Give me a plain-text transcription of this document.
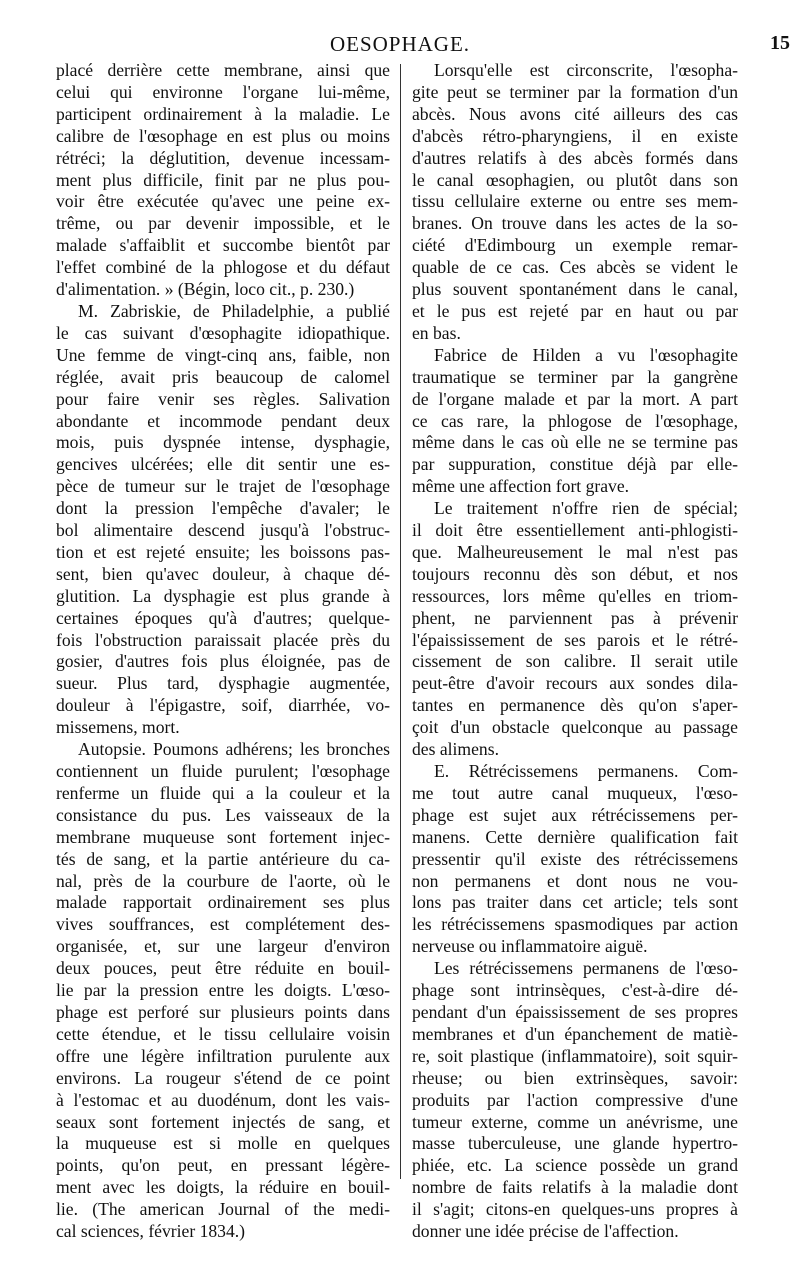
OESOPHAGE.	15
placé derrière cette membrane, ainsi que
celui qui environne l'organe lui-même,
participent ordinairement à la maladie. Le
calibre de l'œsophage en est plus ou moins
rétréci; la déglutition, devenue incessam-
ment plus difficile, finit par ne plus pou-
voir être exécutée qu'avec une peine ex-
trême, ou par devenir impossible, et le
malade s'affaiblit et succombe bientôt par
l'effet combiné de la phlogose et du défaut
d'alimentation. » (Bégin, loco cit., p. 230.)
M. Zabriskie, de Philadelphie, a publié
le cas suivant d'œsophagite idiopathique.
Une femme de vingt-cinq ans, faible, non
réglée, avait pris beaucoup de calomel
pour faire venir ses règles. Salivation
abondante et incommode pendant deux
mois, puis dyspnée intense, dysphagie,
gencives ulcérées; elle dit sentir une es-
pèce de tumeur sur le trajet de l'œsophage
dont la pression l'empêche d'avaler; le
bol alimentaire descend jusqu'à l'obstruc-
tion et est rejeté ensuite; les boissons pas-
sent, bien qu'avec douleur, à chaque dé-
glutition. La dysphagie est plus grande à
certaines époques qu'à d'autres; quelque-
fois l'obstruction paraissait placée près du
gosier, d'autres fois plus éloignée, pas de
sueur. Plus tard, dysphagie augmentée,
douleur à l'épigastre, soif, diarrhée, vo-
missemens, mort.
Autopsie. Poumons adhérens; les bronches
contiennent un fluide purulent; l'œsophage
renferme un fluide qui a la couleur et la
consistance du pus. Les vaisseaux de la
membrane muqueuse sont fortement injec-
tés de sang, et la partie antérieure du ca-
nal, près de la courbure de l'aorte, où le
malade rapportait ordinairement ses plus
vives souffrances, est complétement des-
organisée, et, sur une largeur d'environ
deux pouces, peut être réduite en bouil-
lie par la pression entre les doigts. L'œso-
phage est perforé sur plusieurs points dans
cette étendue, et le tissu cellulaire voisin
offre une légère infiltration purulente aux
environs. La rougeur s'étend de ce point
à l'estomac et au duodénum, dont les vais-
seaux sont fortement injectés de sang, et
la muqueuse est si molle en quelques
points, qu'on peut, en pressant légère-
ment avec les doigts, la réduire en bouil-
lie. (The american Journal of the medi-
cal sciences, février 1834.)
Lorsqu'elle est circonscrite, l'œsopha-
gite peut se terminer par la formation d'un
abcès. Nous avons cité ailleurs des cas
d'abcès rétro-pharyngiens, il en existe
d'autres relatifs à des abcès formés dans
le canal œsophagien, ou plutôt dans son
tissu cellulaire externe ou entre ses mem-
branes. On trouve dans les actes de la so-
ciété d'Edimbourg un exemple remar-
quable de ce cas. Ces abcès se vident le
plus souvent spontanément dans le canal,
et le pus est rejeté par en haut ou par
en bas.
Fabrice de Hilden a vu l'œsophagite
traumatique se terminer par la gangrène
de l'organe malade et par la mort. A part
ce cas rare, la phlogose de l'œsophage,
même dans le cas où elle ne se termine pas
par suppuration, constitue déjà par elle-
même une affection fort grave.
Le traitement n'offre rien de spécial;
il doit être essentiellement anti-phlogisti-
que. Malheureusement le mal n'est pas
toujours reconnu dès son début, et nos
ressources, lors même qu'elles en triom-
phent, ne parviennent pas à prévenir
l'épaississement de ses parois et le rétré-
cissement de son calibre. Il serait utile
peut-être d'avoir recours aux sondes dila-
tantes en permanence dès qu'on s'aper-
çoit d'un obstacle quelconque au passage
des alimens.
E. Rétrécissemens permanens. Com-
me tout autre canal muqueux, l'œso-
phage est sujet aux rétrécissemens per-
manens. Cette dernière qualification fait
pressentir qu'il existe des rétrécissemens
non permanens et dont nous ne vou-
lons pas traiter dans cet article; tels sont
les rétrécissemens spasmodiques par action
nerveuse ou inflammatoire aiguë.
Les rétrécissemens permanens de l'œso-
phage sont intrinsèques, c'est-à-dire dé-
pendant d'un épaississement de ses propres
membranes et d'un épanchement de matiè-
re, soit plastique (inflammatoire), soit squir-
rheuse; ou bien extrinsèques, savoir:
produits par l'action compressive d'une
tumeur externe, comme un anévrisme, une
masse tuberculeuse, une glande hypertro-
phiée, etc. La science possède un grand
nombre de faits relatifs à la maladie dont
il s'agit; citons-en quelques-uns propres à
donner une idée précise de l'affection.
